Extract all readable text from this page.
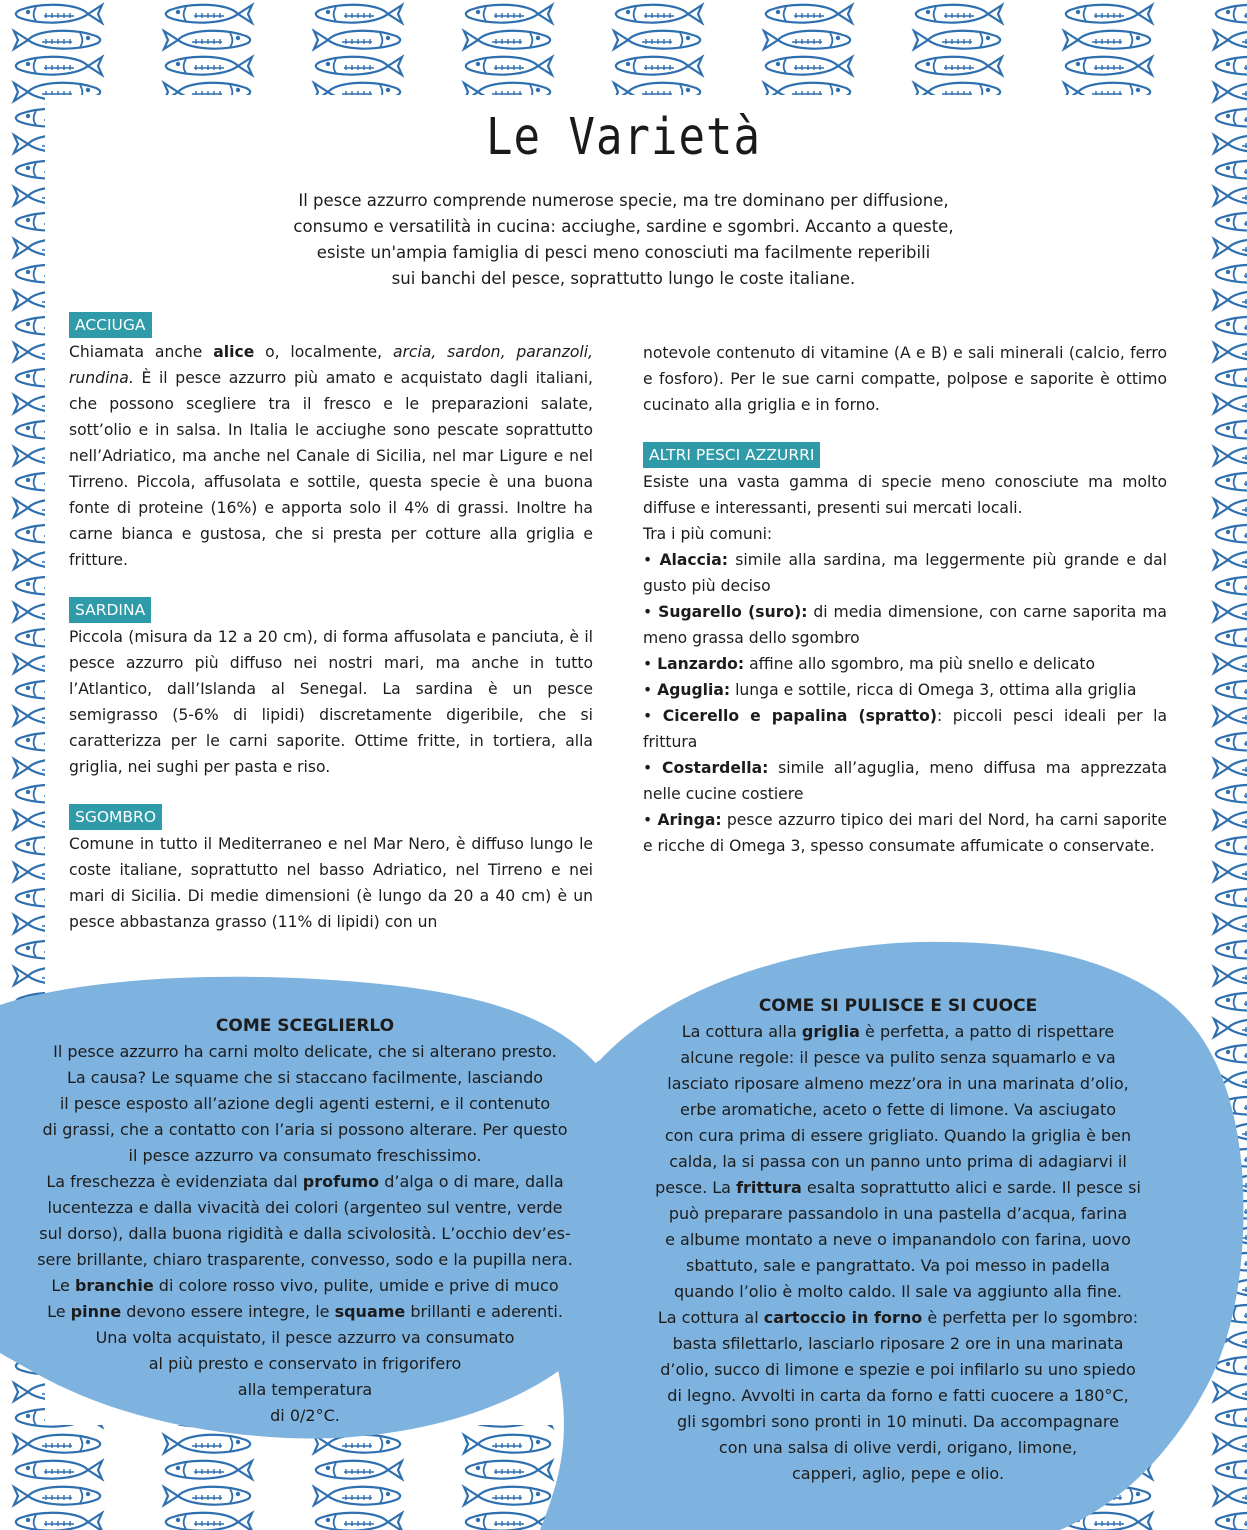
Le Varietà
Il pesce azzurro comprende numerose specie, ma tre dominano per diffusione,
consumo e versatilità in cucina: acciughe, sardine e sgombri. Accanto a queste,
esiste un'ampia famiglia di pesci meno conosciuti ma facilmente reperibili
sui banchi del pesce, soprattutto lungo le coste italiane.
ACCIUGA

Chiamata anche alice o, localmente, arcia, sardon, paranzoli, rundina. È il pesce azzurro più amato e acquistato dagli italiani, che possono scegliere tra il fresco e le preparazioni salate, sott’olio e in salsa. In Italia le acciughe sono pescate soprattutto nell’Adriatico, ma anche nel Canale di Sicilia, nel mar Ligure e nel Tirreno. Piccola, affusolata e sottile, questa specie è una buona fonte di proteine (16%) e apporta solo il 4% di grassi. Inoltre ha carne bianca e gustosa, che si presta per cotture alla griglia e fritture.

SARDINA

Piccola (misura da 12 a 20 cm), di forma affusolata e panciuta, è il pesce azzurro più diffuso nei nostri mari, ma anche in tutto l’Atlantico, dall’Islanda al Senegal. La sardina è un pesce semigrasso (5-6% di lipidi) discretamente digeribile, che si caratterizza per le carni saporite. Ottime fritte, in tortiera, alla griglia, nei sughi per pasta e riso.

SGOMBRO

Comune in tutto il Mediterraneo e nel Mar Nero, è diffuso lungo le coste italiane, soprattutto nel basso Adriatico, nel Tirreno e nei mari di Sicilia. Di medie dimensioni (è lungo da 20 a 40 cm) è un pesce abbastanza grasso (11% di lipidi) con un

notevole contenuto di vitamine (A e B) e sali minerali (calcio, ferro e fosforo). Per le sue carni compatte, polpose e saporite è ottimo cucinato alla griglia e in forno.

ALTRI PESCI AZZURRI

Esiste una vasta gamma di specie meno conosciute ma molto diffuse e interessanti, presenti sui mercati locali.

Tra i più comuni:

• Alaccia: simile alla sardina, ma leggermente più grande e dal gusto più deciso
• Sugarello (suro): di media dimensione, con carne saporita ma meno grassa dello sgombro
• Lanzardo: affine allo sgombro, ma più snello e delicato
• Aguglia: lunga e sottile, ricca di Omega 3, ottima alla griglia
• Cicerello e papalina (spratto): piccoli pesci ideali per la frittura
• Costardella: simile all’aguglia, meno diffusa ma apprezzata nelle cucine costiere
• Aringa: pesce azzurro tipico dei mari del Nord, ha carni saporite e ricche di Omega 3, spesso consumate affumicate o conservate.
COME SCEGLIERLO

Il pesce azzurro ha carni molto delicate, che si alterano presto.

La causa? Le squame che si staccano facilmente, lasciando

il pesce esposto all’azione degli agenti esterni, e il contenuto

di grassi, che a contatto con l’aria si possono alterare. Per questo

il pesce azzurro va consumato freschissimo.

La freschezza è evidenziata dal profumo d’alga o di mare, dalla

lucentezza e dalla vivacità dei colori (argenteo sul ventre, verde

sul dorso), dalla buona rigidità e dalla scivolosità. L’occhio dev’es-

sere brillante, chiaro trasparente, convesso, sodo e la pupilla nera.

Le branchie di colore rosso vivo, pulite, umide e prive di muco

Le pinne devono essere integre, le squame brillanti e aderenti.

Una volta acquistato, il pesce azzurro va consumato

al più presto e conservato in frigorifero

alla temperatura

di 0/2°C.

COME SI PULISCE E SI CUOCE

La cottura alla griglia è perfetta, a patto di rispettare

alcune regole: il pesce va pulito senza squamarlo e va

lasciato riposare almeno mezz’ora in una marinata d’olio,

erbe aromatiche, aceto o fette di limone. Va asciugato

con cura prima di essere grigliato. Quando la griglia è ben

calda, la si passa con un panno unto prima di adagiarvi il

pesce. La frittura esalta soprattutto alici e sarde. Il pesce si

può preparare passandolo in una pastella d’acqua, farina

e albume montato a neve o impanandolo con farina, uovo

sbattuto, sale e pangrattato. Va poi messo in padella

quando l’olio è molto caldo. Il sale va aggiunto alla fine.

La cottura al cartoccio in forno è perfetta per lo sgombro:

basta sfilettarlo, lasciarlo riposare 2 ore in una marinata

d’olio, succo di limone e spezie e poi infilarlo su uno spiedo

di legno. Avvolti in carta da forno e fatti cuocere a 180°C,

gli sgombri sono pronti in 10 minuti. Da accompagnare

con una salsa di olive verdi, origano, limone,

capperi, aglio, pepe e olio.
